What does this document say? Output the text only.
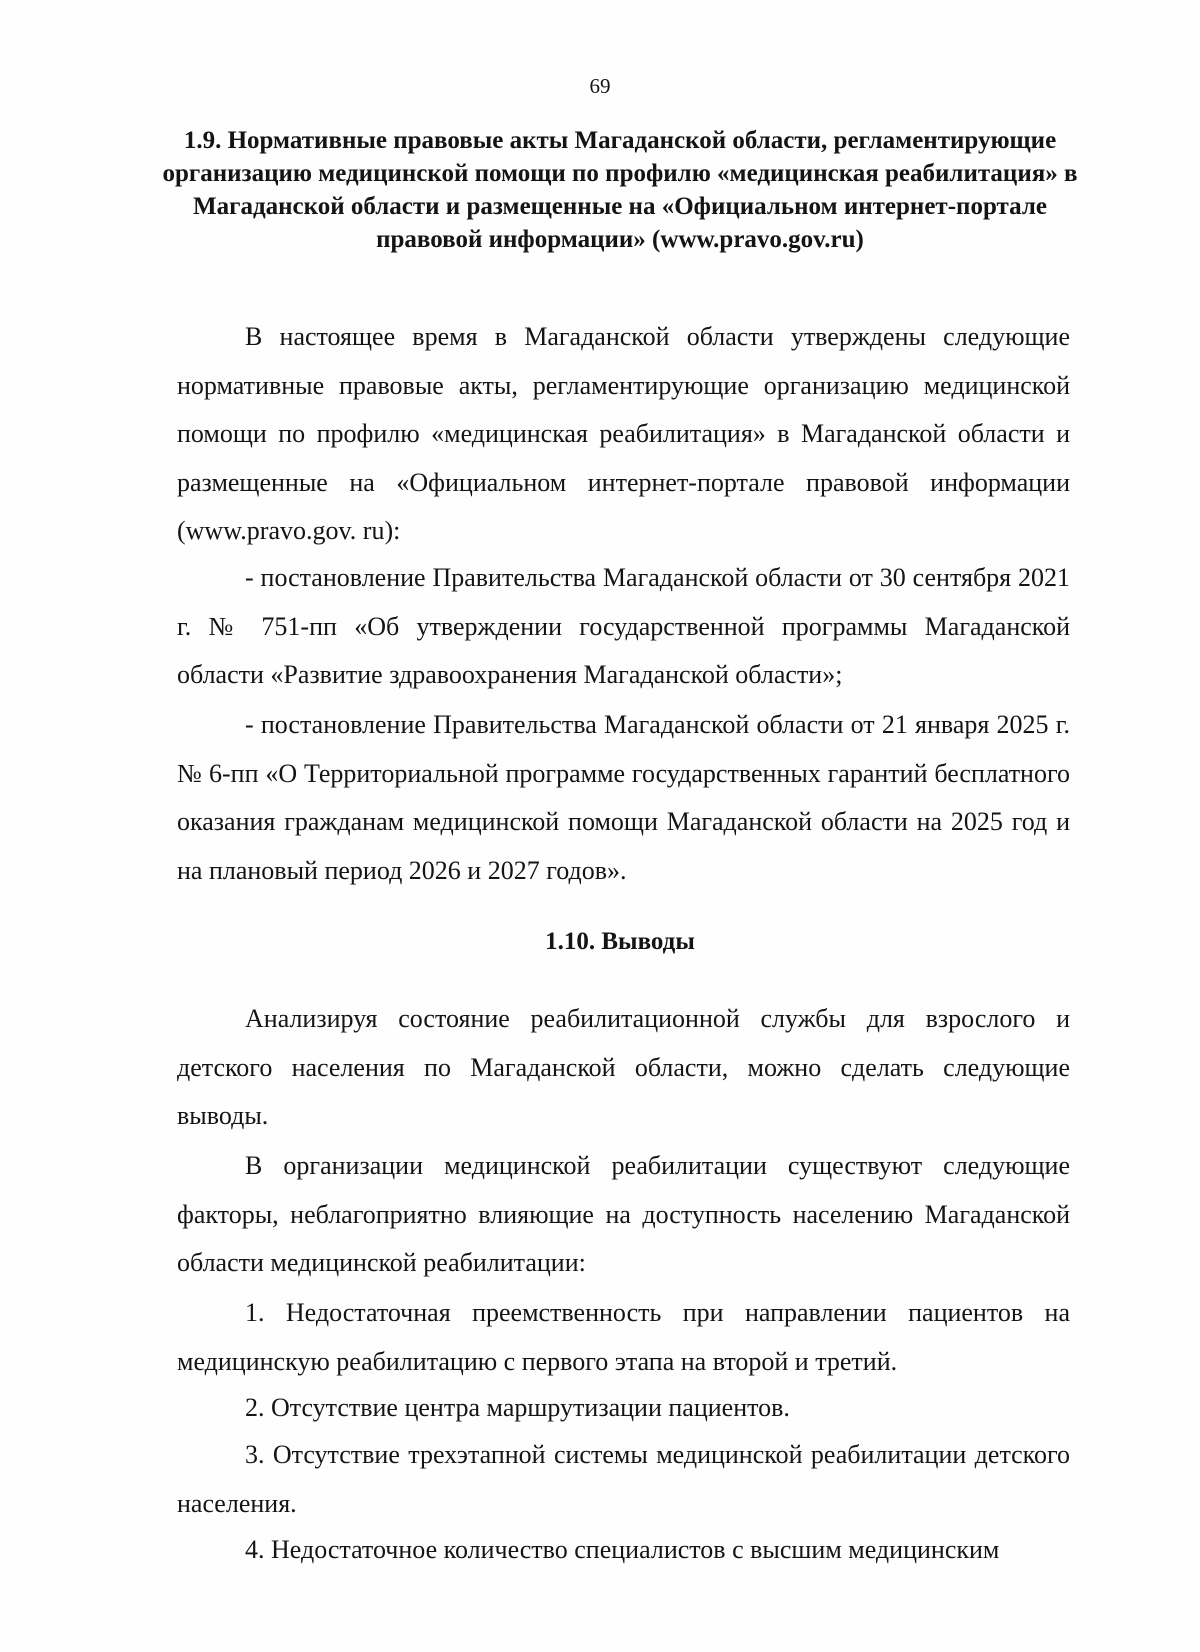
69
1.9. Нормативные правовые акты Магаданской области, регламентирующие организацию медицинской помощи по профилю «медицинская реабилитация» в Магаданской области и размещенные на «Официальном интернет-портале правовой информации» (www.pravo.gov.ru)

В настоящее время в Магаданской области утверждены следующие нормативные правовые акты, регламентирующие организацию медицинской помощи по профилю «медицинская реабилитация» в Магаданской области и размещенные на «Официальном интернет-портале правовой информации (www.pravo.gov. ru):

- постановление Правительства Магаданской области от 30 сентября 2021 г. № 751-пп «Об утверждении государственной программы Магаданской области «Развитие здравоохранения Магаданской области»;

- постановление Правительства Магаданской области от 21 января 2025 г. № 6-пп «О Территориальной программе государственных гарантий бесплатного оказания гражданам медицинской помощи Магаданской области на 2025 год и на плановый период 2026 и 2027 годов».

1.10. Выводы

Анализируя состояние реабилитационной службы для взрослого и детского населения по Магаданской области, можно сделать следующие выводы.

В организации медицинской реабилитации существуют следующие факторы, неблагоприятно влияющие на доступность населению Магаданской области медицинской реабилитации:

1. Недостаточная преемственность при направлении пациентов на медицинскую реабилитацию с первого этапа на второй и третий.

2. Отсутствие центра маршрутизации пациентов.

3. Отсутствие трехэтапной системы медицинской реабилитации детского населения.

4. Недостаточное количество специалистов с высшим медицинским
